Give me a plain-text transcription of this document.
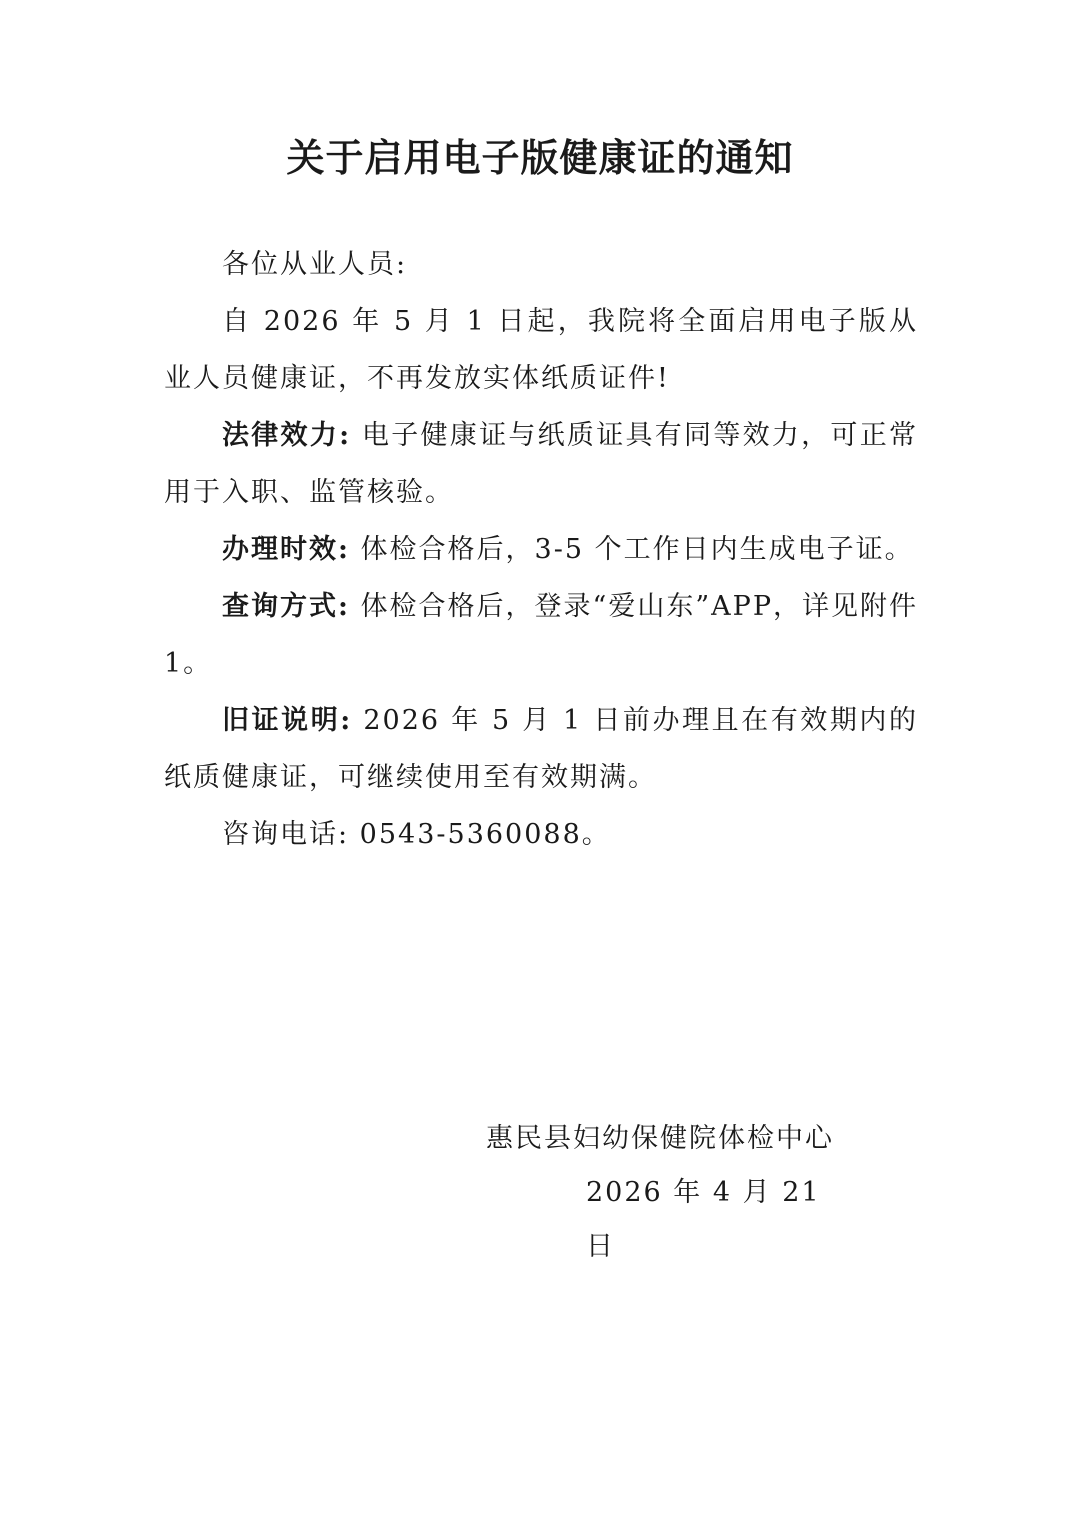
关于启用电子版健康证的通知

各位从业人员:

自 2026 年 5 月 1 日起，我院将全面启用电子版从业人员健康证，不再发放实体纸质证件!

法律效力: 电子健康证与纸质证具有同等效力，可正常用于入职、监管核验。

办理时效: 体检合格后，3-5 个工作日内生成电子证。

查询方式: 体检合格后，登录“爱山东”APP，详见附件 1。

旧证说明: 2026 年 5 月 1 日前办理且在有效期内的纸质健康证，可继续使用至有效期满。

咨询电话: 0543-5360088。

惠民县妇幼保健院体检中心
2026 年 4 月 21 日
